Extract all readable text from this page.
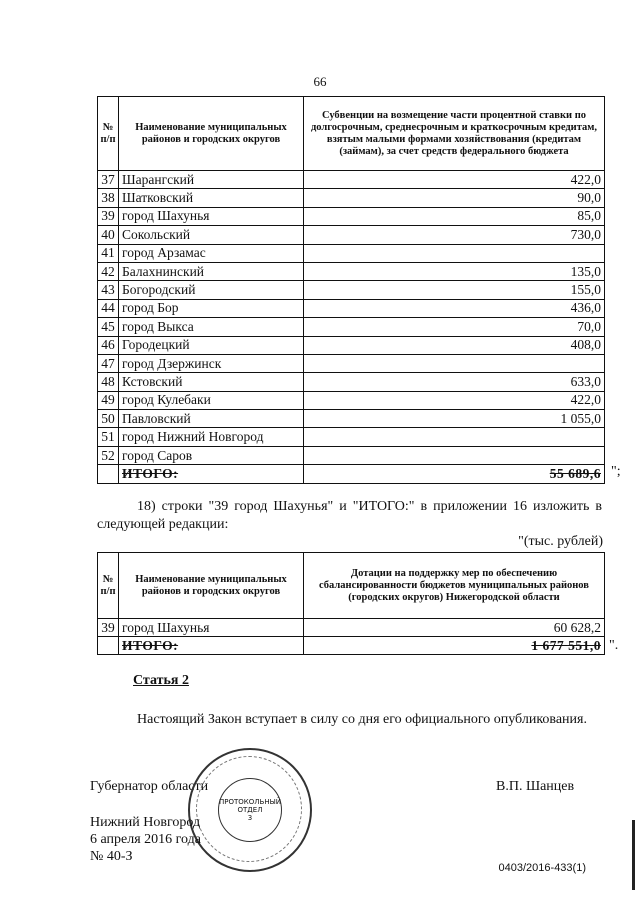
66
№ п/п	Наименование муниципальных районов и городских округов	Субвенции на возмещение части процентной ставки по долгосрочным, среднесрочным и краткосрочным кредитам, взятым малыми формами хозяйствования (кредитам (займам), за счет средств федерального бюджета
37	Шарангский	422,0
38	Шатковский	90,0
39	город Шахунья	85,0
40	Сокольский	730,0
41	город Арзамас	
42	Балахнинский	135,0
43	Богородский	155,0
44	город Бор	436,0
45	город Выкса	70,0
46	Городецкий	408,0
47	город Дзержинск	
48	Кстовский	633,0
49	город Кулебаки	422,0
50	Павловский	1 055,0
51	город Нижний Новгород	
52	город Саров	
	ИТОГО:	55 689,6 ";
18) строки "39 город Шахунья" и "ИТОГО:" в приложении 16 изложить в следующей редакции:
"(тыс. рублей)
№ п/п	Наименование муниципальных районов и городских округов	Дотации на поддержку мер по обеспечению сбалансированности бюджетов муниципальных районов (городских округов) Нижегородской области
39	город Шахунья	60 628,2
	ИТОГО:	1 677 551,0 ".
Статья 2
Настоящий Закон вступает в силу со дня его официального опубликования.
Губернатор области	В.П. Шанцев
ПРОТОКОЛЬНЫЙ
ОТДЕЛ
3
Нижний Новгород
6 апреля 2016 года
№ 40-З
0403/2016-433(1)
